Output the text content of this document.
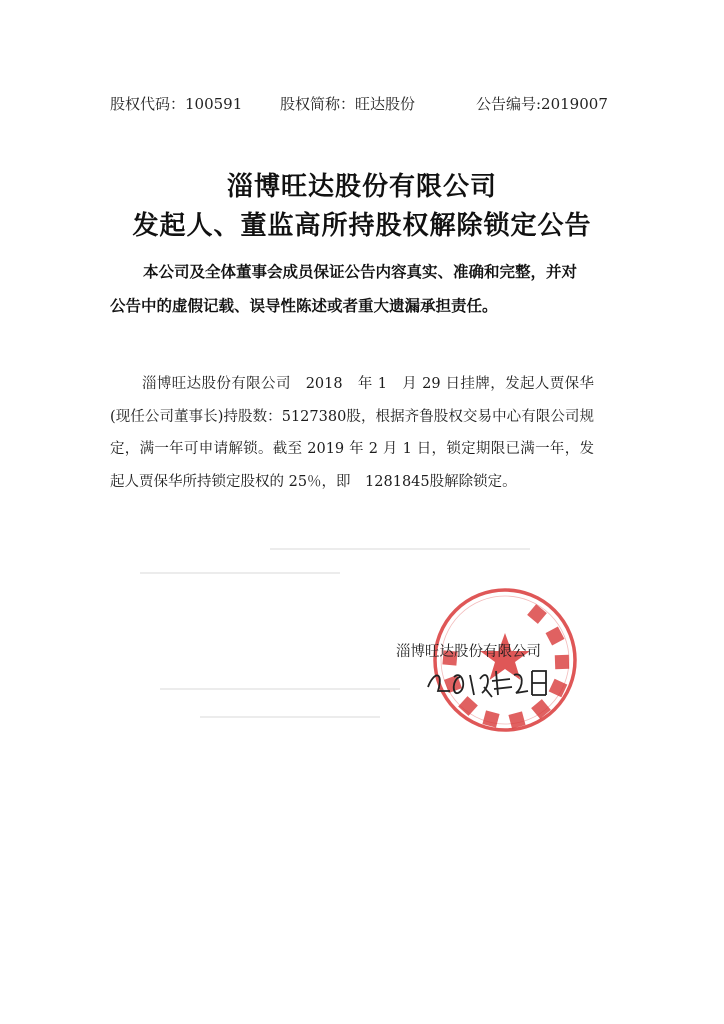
股权代码：100591	股权简称：旺达股份	公告编号:2019007
淄博旺达股份有限公司
发起人、董监高所持股权解除锁定公告

本公司及全体董事会成员保证公告内容真实、准确和完整，并对公告中的虚假记载、误导性陈述或者重大遗漏承担责任。

淄博旺达股份有限公司　2018　年 1　月 29 日挂牌，发起人贾保华(现任公司董事长)持股数：5127380股，根据齐鲁股权交易中心有限公司规定，满一年可申请解锁。截至 2019 年 2 月 1 日，锁定期限已满一年，发起人贾保华所持锁定股权的 25％，即　1281845股解除锁定。

淄博旺达股份有限公司
